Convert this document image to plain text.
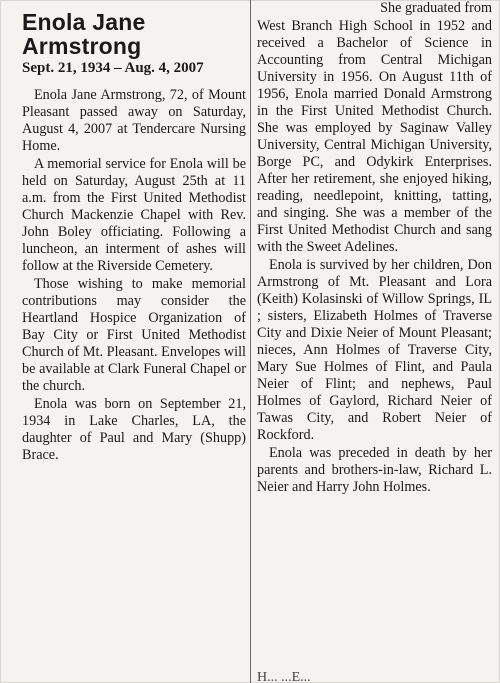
Enola Jane
Armstrong
Sept. 21, 1934 – Aug. 4, 2007

Enola Jane Armstrong, 72, of Mount Pleasant passed away on Saturday, August 4, 2007 at Tendercare Nursing Home.

A memorial service for Enola will be held on Saturday, August 25th at 11 a.m. from the First United Methodist Church Mackenzie Chapel with Rev. John Boley officiating. Following a luncheon, an interment of ashes will follow at the Riverside Cemetery.

Those wishing to make memorial contributions may consider the Heartland Hospice Organization of Bay City or First United Methodist Church of Mt. Pleasant. Envelopes will be available at Clark Funeral Chapel or the church.

Enola was born on September 21, 1934 in Lake Charles, LA, the daughter of Paul and Mary (Shupp) Brace.

She graduated from

West Branch High School in 1952 and received a Bachelor of Science in Accounting from Central Michigan University in 1956. On August 11th of 1956, Enola married Donald Armstrong in the First United Methodist Church. She was employed by Saginaw Valley University, Central Michigan University, Borge PC, and Odykirk Enterprises. After her retirement, she enjoyed hiking, reading, needlepoint, knitting, tatting, and singing. She was a member of the First United Methodist Church and sang with the Sweet Adelines.

Enola is survived by her children, Don Armstrong of Mt. Pleasant and Lora (Keith) Kolasinski of Willow Springs, IL ; sisters, Elizabeth Holmes of Traverse City and Dixie Neier of Mount Pleasant; nieces, Ann Holmes of Traverse City, Mary Sue Holmes of Flint, and Paula Neier of Flint; and nephews, Paul Holmes of Gaylord, Richard Neier of Tawas City, and Robert Neier of Rockford.

Enola was preceded in death by her parents and brothers-in-law, Richard L. Neier and Harry John Holmes.

H... ...E...
